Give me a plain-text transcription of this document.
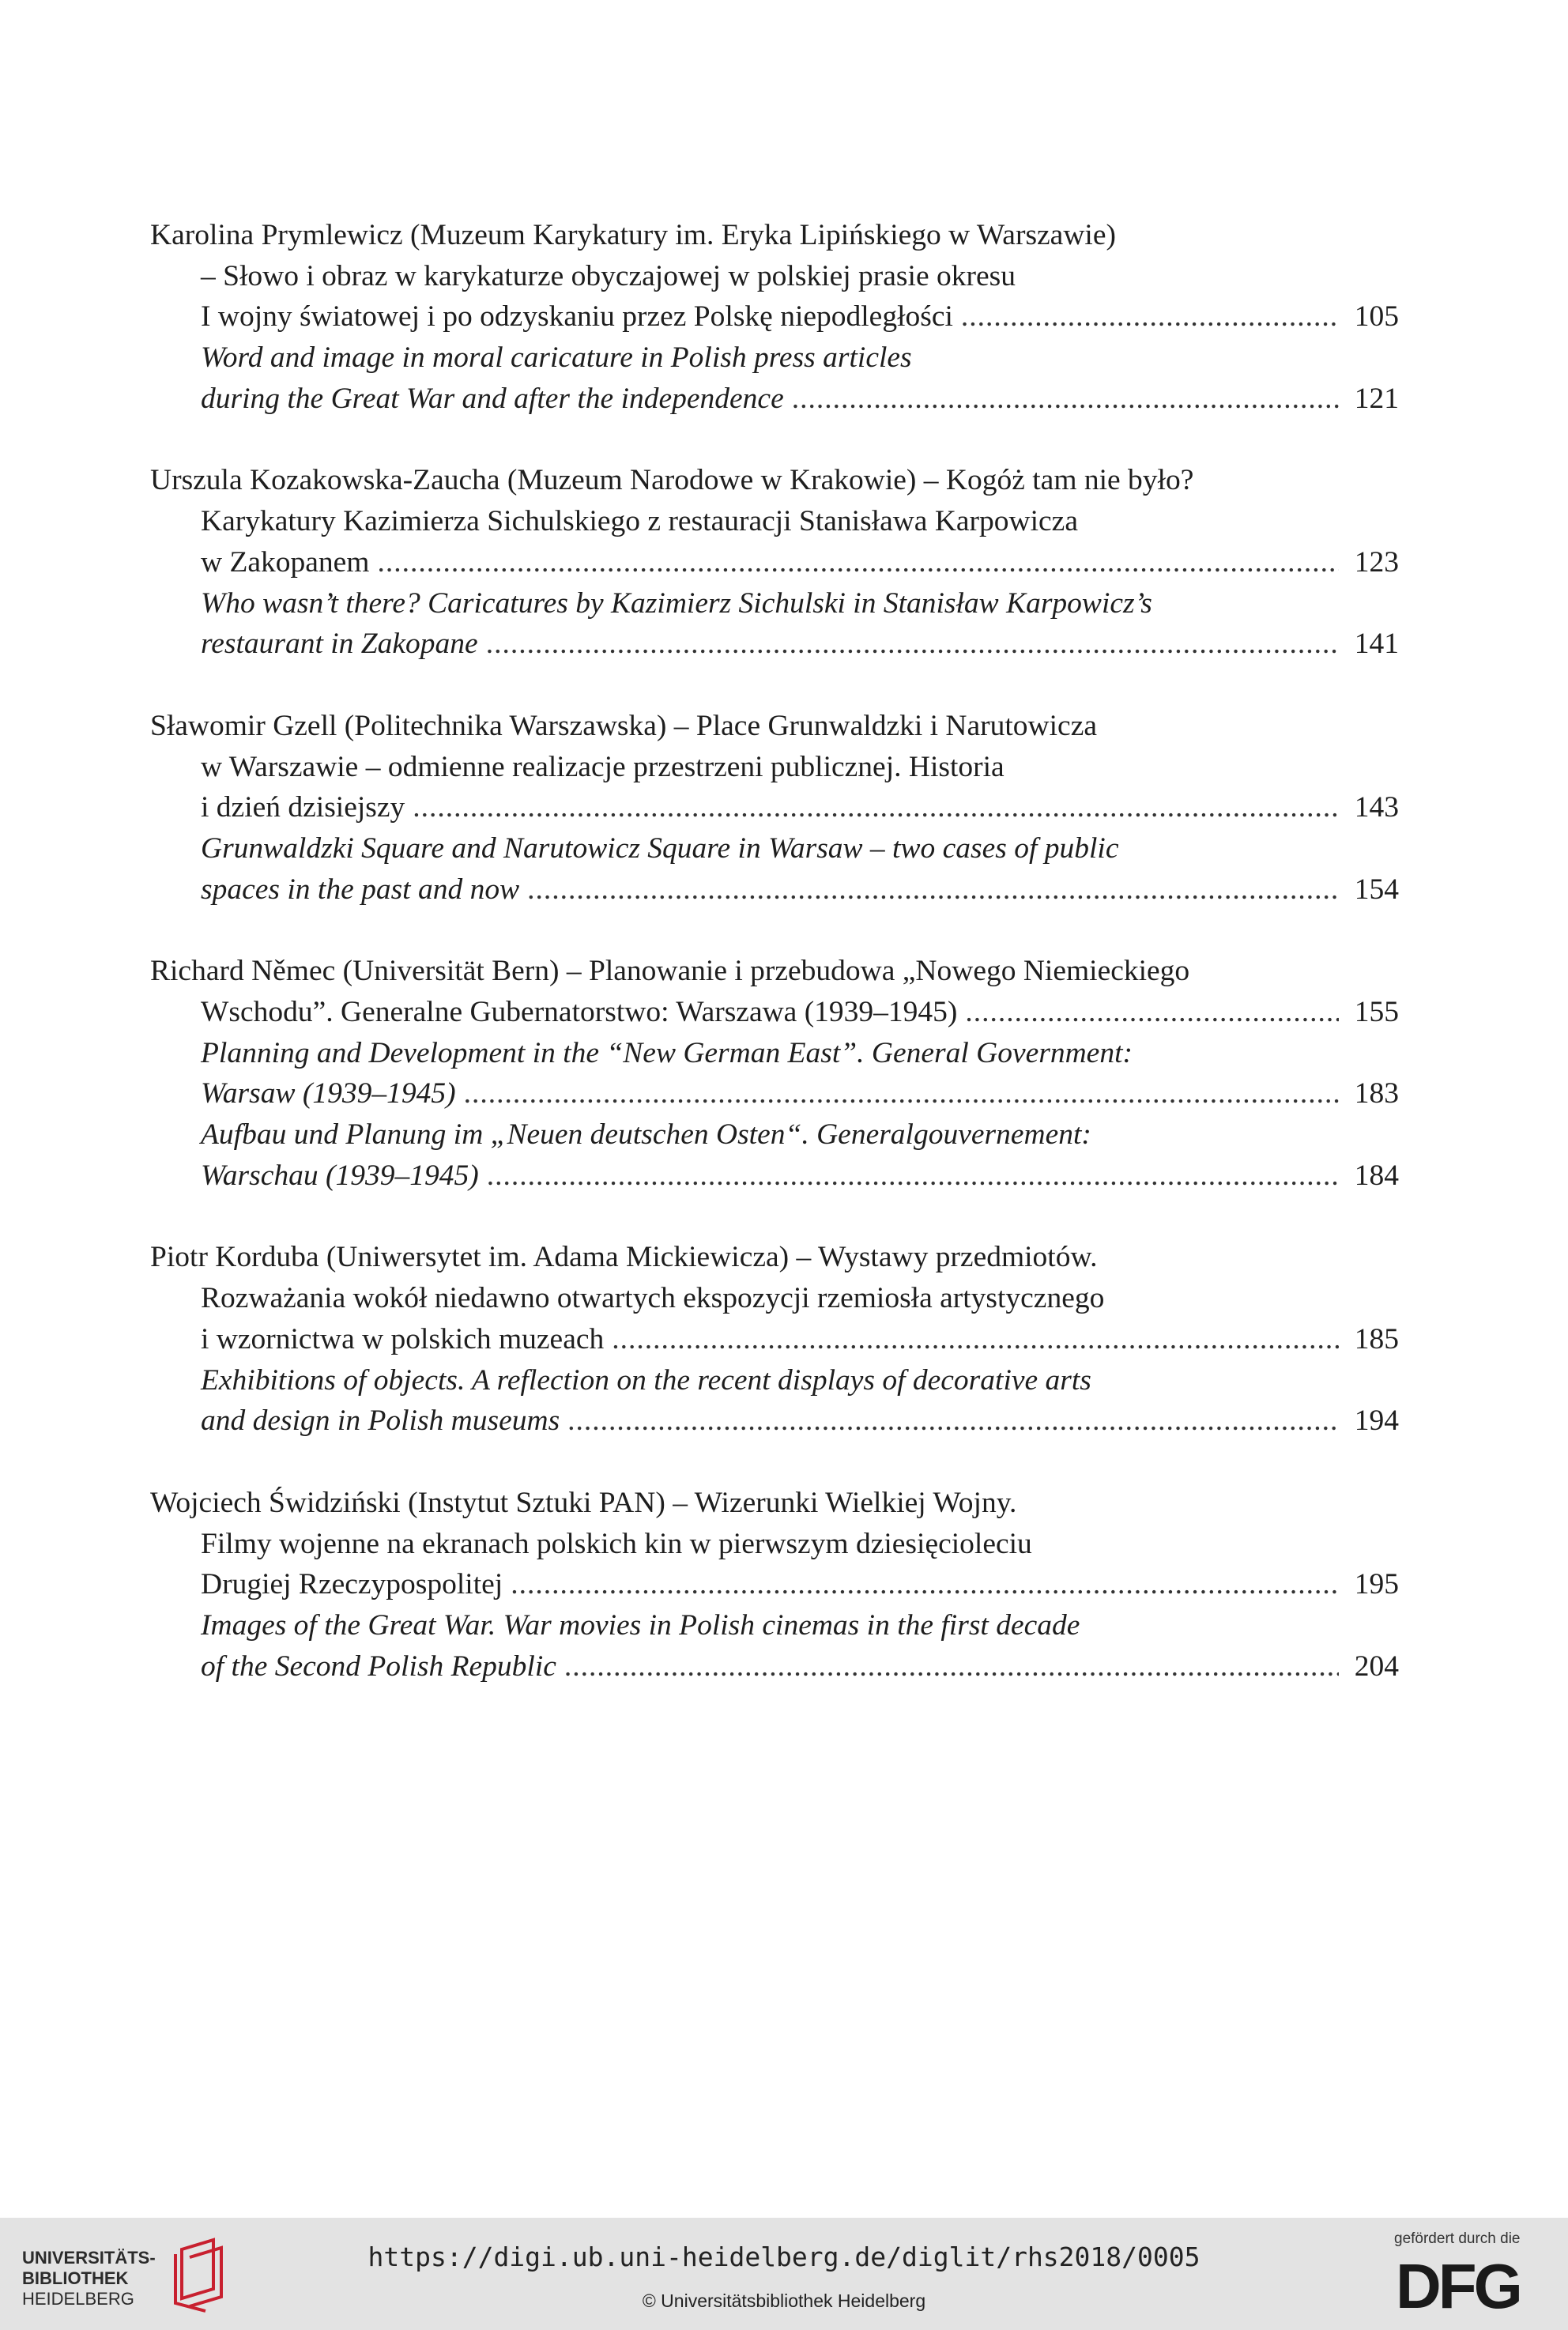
Karolina Prymlewicz (Muzeum Karykatury im. Eryka Lipińskiego w Warszawie)
– Słowo i obraz w karykaturze obyczajowej w polskiej prasie okresu
I wojny światowej i po odzyskaniu przez Polskę niepodległości .....	105
Word and image in moral caricature in Polish press articles
during the Great War and after the independence .....	121
Urszula Kozakowska-Zaucha (Muzeum Narodowe w Krakowie) – Kogóż tam nie było?
Karykatury Kazimierza Sichulskiego z restauracji Stanisława Karpowicza
w Zakopanem .....	123
Who wasn’t there? Caricatures by Kazimierz Sichulski in Stanisław Karpowicz’s
restaurant in Zakopane .....	141
Sławomir Gzell (Politechnika Warszawska) – Place Grunwaldzki i Narutowicza
w Warszawie – odmienne realizacje przestrzeni publicznej. Historia
i dzień dzisiejszy .....	143
Grunwaldzki Square and Narutowicz Square in Warsaw – two cases of public
spaces in the past and now .....	154
Richard Němec (Universität Bern) – Planowanie i przebudowa „Nowego Niemieckiego
Wschodu”. Generalne Gubernatorstwo: Warszawa (1939–1945) .....	155
Planning and Development in the “New German East”. General Government:
Warsaw (1939–1945) .....	183
Aufbau und Planung im „Neuen deutschen Osten“. Generalgouvernement:
Warschau (1939–1945) .....	184
Piotr Korduba (Uniwersytet im. Adama Mickiewicza) – Wystawy przedmiotów.
Rozważania wokół niedawno otwartych ekspozycji rzemiosła artystycznego
i wzornictwa w polskich muzeach .....	185
Exhibitions of objects. A reflection on the recent displays of decorative arts
and design in Polish museums .....	194
Wojciech Świdziński (Instytut Sztuki PAN) – Wizerunki Wielkiej Wojny.
Filmy wojenne na ekranach polskich kin w pierwszym dziesięcioleciu
Drugiej Rzeczypospolitej .....	195
Images of the Great War. War movies in Polish cinemas in the first decade
of the Second Polish Republic .....	204
UNIVERSITÄTS-
BIBLIOTHEK
HEIDELBERG
https://digi.ub.uni-heidelberg.de/diglit/rhs2018/0005
© Universitätsbibliothek Heidelberg
gefördert durch die
DFG
